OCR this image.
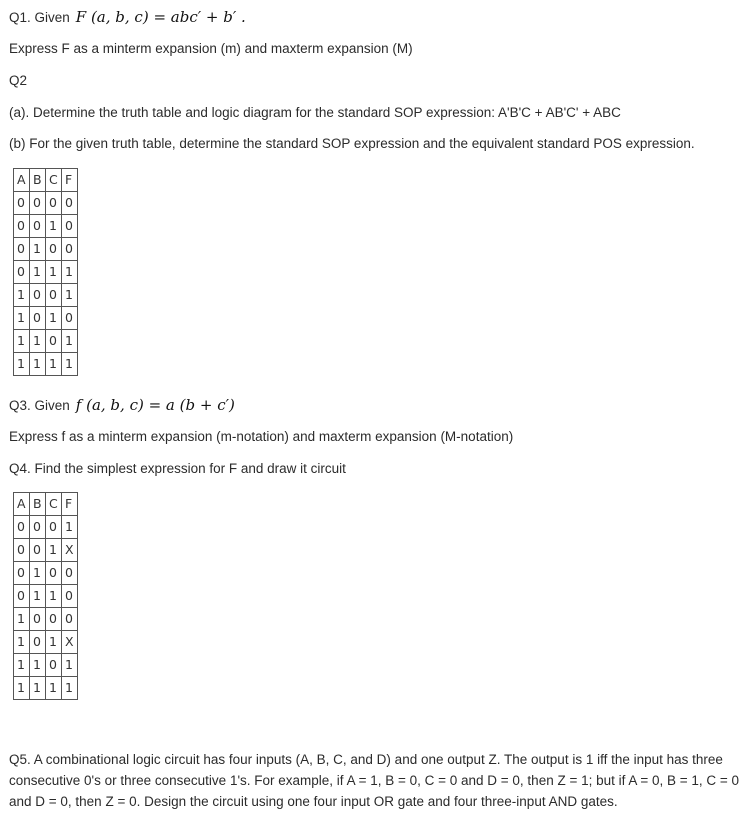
Q1. Given F (a, b, c) = abc′ + b′ .
Express F as a minterm expansion (m) and maxterm expansion (M)
Q2
(a). Determine the truth table and logic diagram for the standard SOP expression: A'B'C + AB'C' + ABC
(b) For the given truth table, determine the standard SOP expression and the equivalent standard POS expression.
A	B	C	F
0	0	0	0
0	0	1	0
0	1	0	0
0	1	1	1
1	0	0	1
1	0	1	0
1	1	0	1
1	1	1	1
Q3. Given f (a, b, c) = a (b + c′)
Express f as a minterm expansion (m-notation) and maxterm expansion (M-notation)
Q4. Find the simplest expression for F and draw it circuit
A	B	C	F
0	0	0	1
0	0	1	X
0	1	0	0
0	1	1	0
1	0	0	0
1	0	1	X
1	1	0	1
1	1	1	1
Q5. A combinational logic circuit has four inputs (A, B, C, and D) and one output Z. The output is 1 iff the input has three consecutive 0's or three consecutive 1's. For example, if A = 1, B = 0, C = 0 and D = 0, then Z = 1; but if A = 0, B = 1, C = 0 and D = 0, then Z = 0. Design the circuit using one four input OR gate and four three-input AND gates.
